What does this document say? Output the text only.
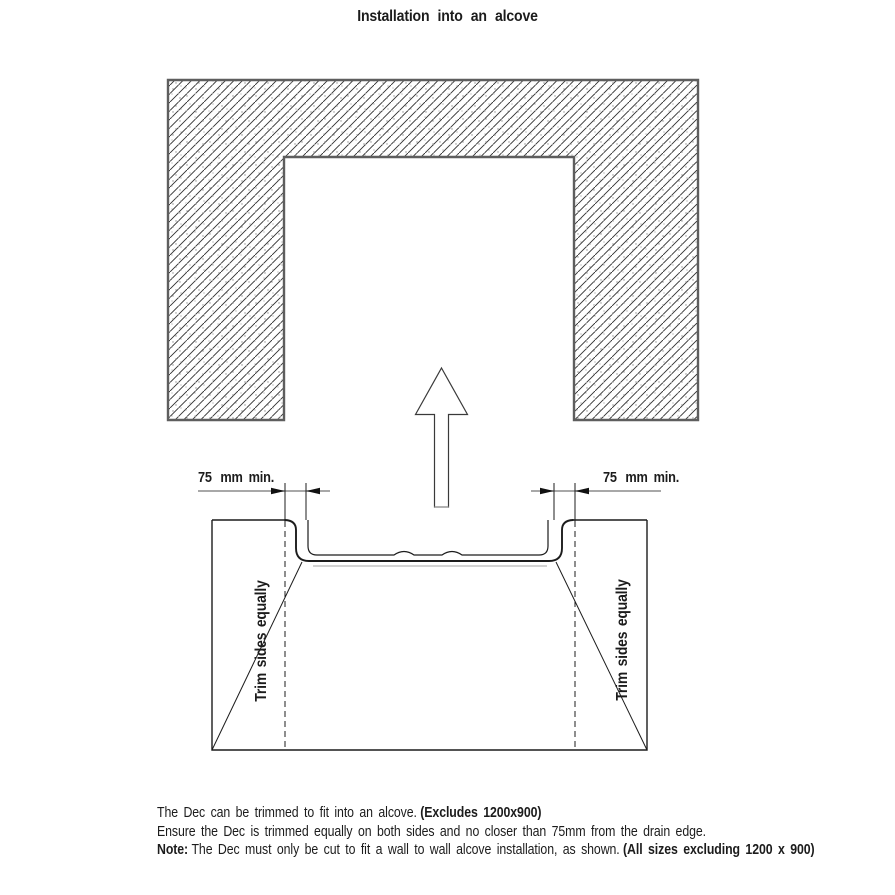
Installation into an alcove
75 mm min.	75 mm min.
Trim sides equally	Trim sides equally
The Dec can be trimmed to fit into an alcove. (Excludes 1200x900)
Ensure the Dec is trimmed equally on both sides and no closer than 75mm from the drain edge.
Note: The Dec must only be cut to fit a wall to wall alcove installation, as shown. (All sizes excluding 1200 x 900)
